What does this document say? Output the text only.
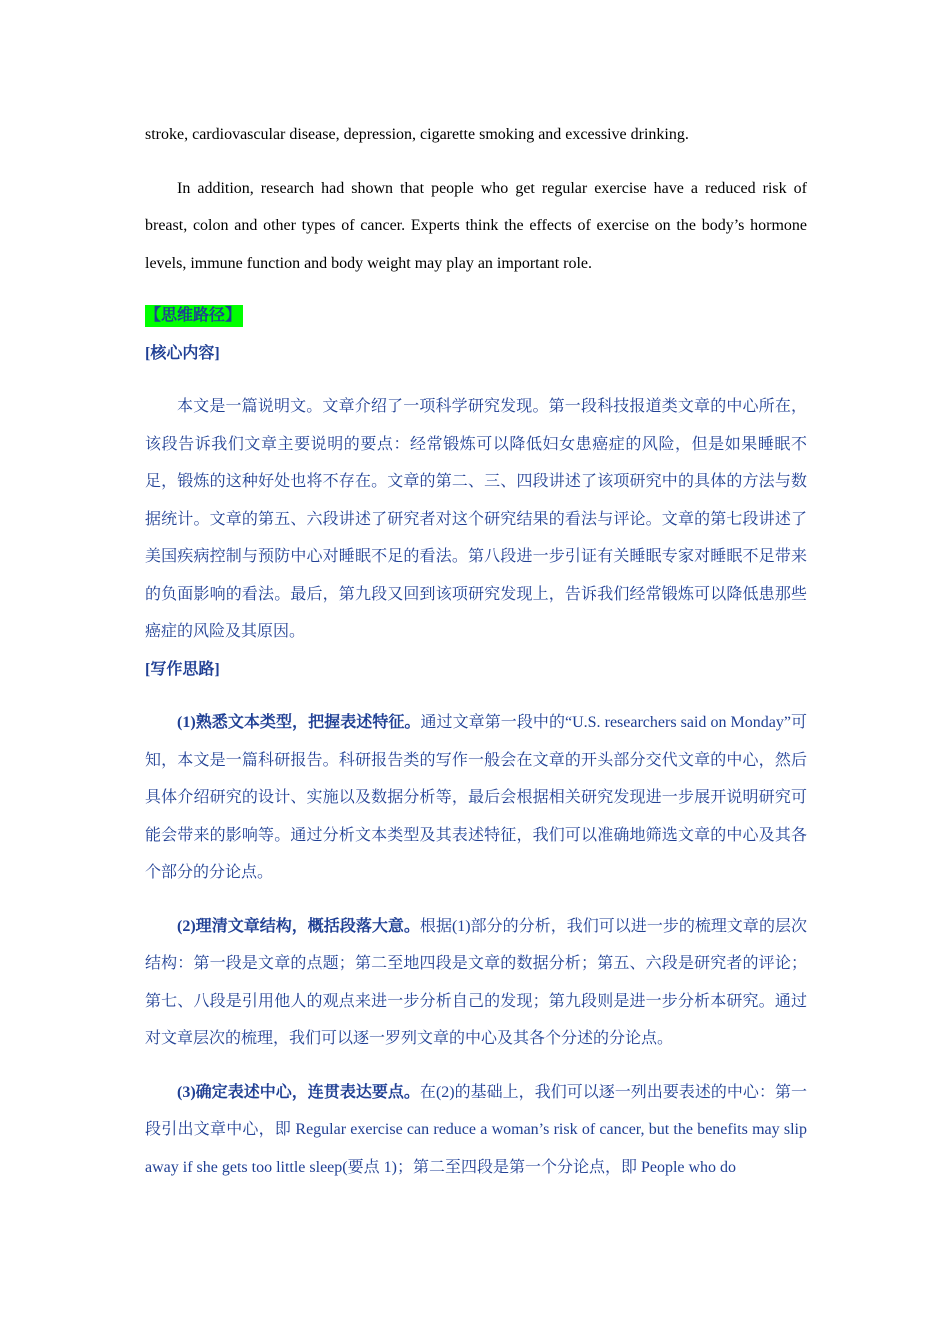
stroke, cardiovascular disease, depression, cigarette smoking and excessive drinking.

In addition, research had shown that people who get regular exercise have a reduced risk of breast, colon and other types of cancer. Experts think the effects of exercise on the body’s hormone levels, immune function and body weight may play an important role.

【思维路径】

[核心内容]

本文是一篇说明文。文章介绍了一项科学研究发现。第一段科技报道类文章的中心所在，该段告诉我们文章主要说明的要点：经常锻炼可以降低妇女患癌症的风险，但是如果睡眠不足，锻炼的这种好处也将不存在。文章的第二、三、四段讲述了该项研究中的具体的方法与数据统计。文章的第五、六段讲述了研究者对这个研究结果的看法与评论。文章的第七段讲述了美国疾病控制与预防中心对睡眠不足的看法。第八段进一步引证有关睡眠专家对睡眠不足带来的负面影响的看法。最后，第九段又回到该项研究发现上，告诉我们经常锻炼可以降低患那些癌症的风险及其原因。

[写作思路]

(1)熟悉文本类型，把握表述特征。通过文章第一段中的“U.S. researchers said on Monday”可知，本文是一篇科研报告。科研报告类的写作一般会在文章的开头部分交代文章的中心，然后具体介绍研究的设计、实施以及数据分析等，最后会根据相关研究发现进一步展开说明研究可能会带来的影响等。通过分析文本类型及其表述特征，我们可以准确地筛选文章的中心及其各个部分的分论点。

(2)理清文章结构，概括段落大意。根据(1)部分的分析，我们可以进一步的梳理文章的层次结构：第一段是文章的点题；第二至地四段是文章的数据分析；第五、六段是研究者的评论；第七、八段是引用他人的观点来进一步分析自己的发现；第九段则是进一步分析本研究。通过对文章层次的梳理，我们可以逐一罗列文章的中心及其各个分述的分论点。

(3)确定表述中心，连贯表达要点。在(2)的基础上，我们可以逐一列出要表述的中心：第一段引出文章中心，即 Regular exercise can reduce a woman’s risk of cancer, but the benefits may slip away if she gets too little sleep(要点 1)；第二至四段是第一个分论点，即 People who do
